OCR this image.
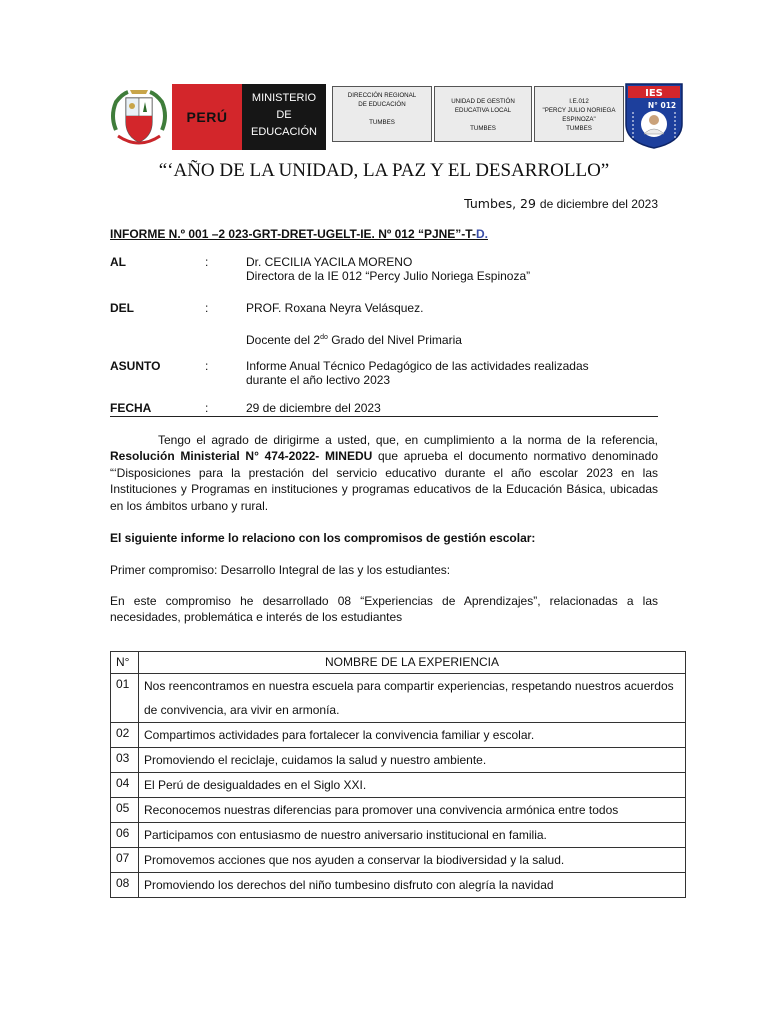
PERÚ
MINISTERIO
DE
EDUCACIÓN
DIRECCIÓN REGIONAL
DE EDUCACIÓN
TUMBES
UNIDAD DE GESTIÓN
EDUCATIVA LOCAL
TUMBES
I.E.012
"PERCY JULIO NORIEGA
ESPINOZA"
TUMBES
IES
N° 012
“‘AÑO DE LA UNIDAD, LA PAZ Y EL DESARROLLO”
Tumbes, 29 de diciembre del 2023
INFORME N.º 001 –2 023-GRT-DRET-UGELT-IE. Nº 012 “PJNE”-T-D.
AL	:	Dr. CECILIA YACILA MORENO
Directora de la IE 012 “Percy Julio Noriega Espinoza”
DEL	:	PROF. Roxana Neyra Velásquez.
Docente del $2^{do}$ Grado del Nivel Primaria
ASUNTO	:	Informe Anual Técnico Pedagógico de las actividades realizadas
durante el año lectivo 2023
FECHA	:	29 de diciembre del 2023
Tengo el agrado de dirigirme a usted, que, en cumplimiento a la norma de la referencia, Resolución Ministerial N° 474-2022- MINEDU que aprueba el documento normativo denominado “‘Disposiciones para la prestación del servicio educativo durante el año escolar 2023 en las Instituciones y Programas en instituciones y programas educativos de la Educación Básica, ubicadas en los ámbitos urbano y rural.
El siguiente informe lo relaciono con los compromisos de gestión escolar:
Primer compromiso: Desarrollo Integral de las y los estudiantes:
En este compromiso he desarrollado 08 “Experiencias de Aprendizajes”, relacionadas a las necesidades, problemática e interés de los estudiantes
N°	NOMBRE DE LA EXPERIENCIA
01	Nos reencontramos en nuestra escuela para compartir experiencias, respetando nuestros acuerdos de convivencia, ara vivir en armonía.
02	Compartimos actividades para fortalecer la convivencia familiar y escolar.
03	Promoviendo el reciclaje, cuidamos la salud y nuestro ambiente.
04	El Perú de desigualdades en el Siglo XXI.
05	Reconocemos nuestras diferencias para promover una convivencia armónica entre todos
06	Participamos con entusiasmo de nuestro aniversario institucional en familia.
07	Promovemos acciones que nos ayuden a conservar la biodiversidad y la salud.
08	Promoviendo los derechos del niño tumbesino disfruto con alegría la navidad
